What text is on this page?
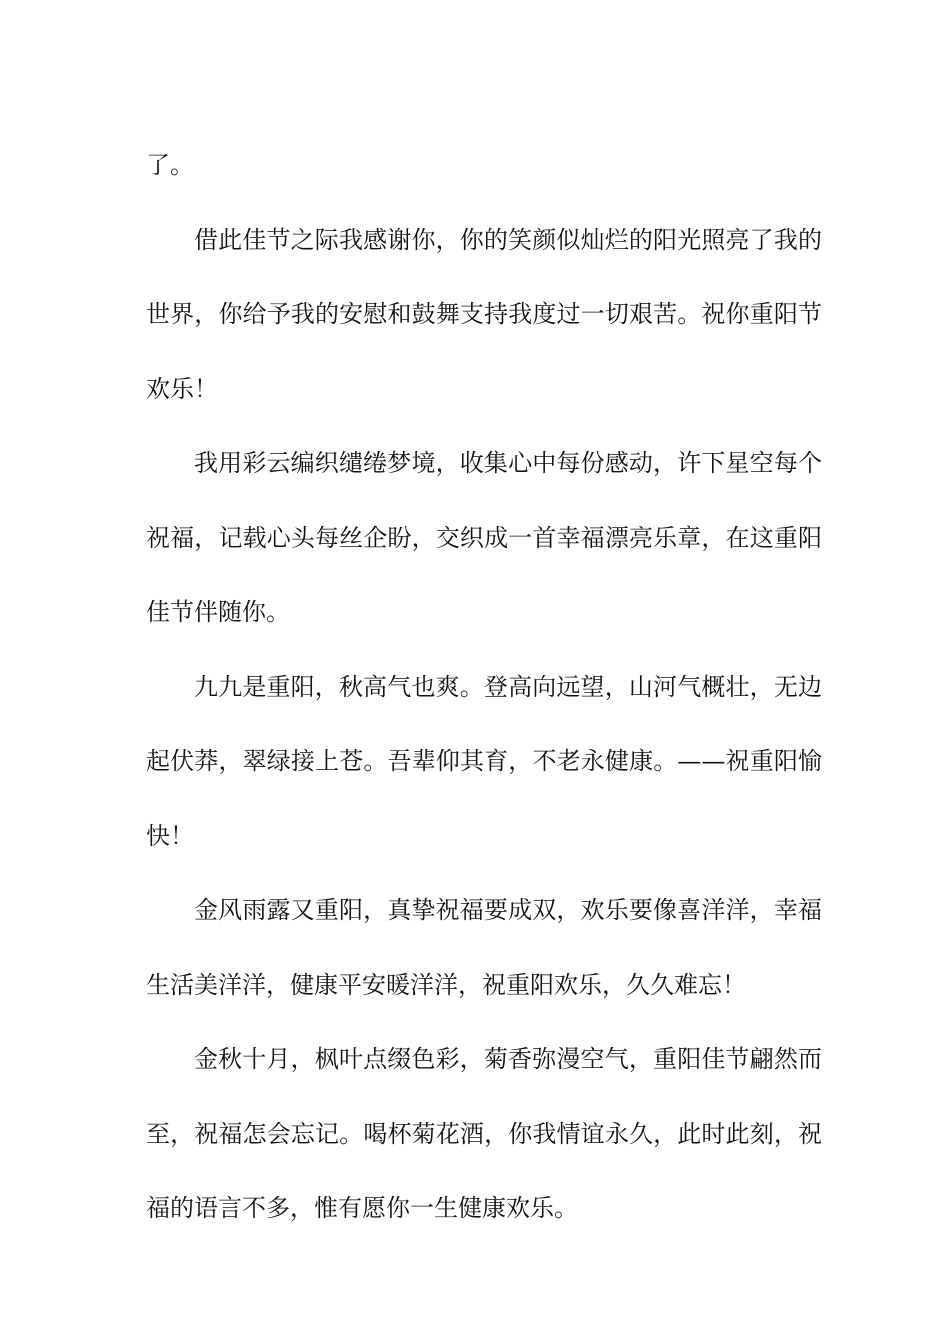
了。

借此佳节之际我感谢你，你的笑颜似灿烂的阳光照亮了我的世界，你给予我的安慰和鼓舞支持我度过一切艰苦。祝你重阳节欢乐！

我用彩云编织缱绻梦境，收集心中每份感动，许下星空每个祝福，记载心头每丝企盼，交织成一首幸福漂亮乐章，在这重阳佳节伴随你。

九九是重阳，秋高气也爽。登高向远望，山河气概壮，无边起伏莽，翠绿接上苍。吾辈仰其育，不老永健康。——祝重阳愉快！

金风雨露又重阳，真挚祝福要成双，欢乐要像喜洋洋，幸福生活美洋洋，健康平安暖洋洋，祝重阳欢乐，久久难忘！

金秋十月，枫叶点缀色彩，菊香弥漫空气，重阳佳节翩然而至，祝福怎会忘记。喝杯菊花酒，你我情谊永久，此时此刻，祝福的语言不多，惟有愿你一生健康欢乐。
